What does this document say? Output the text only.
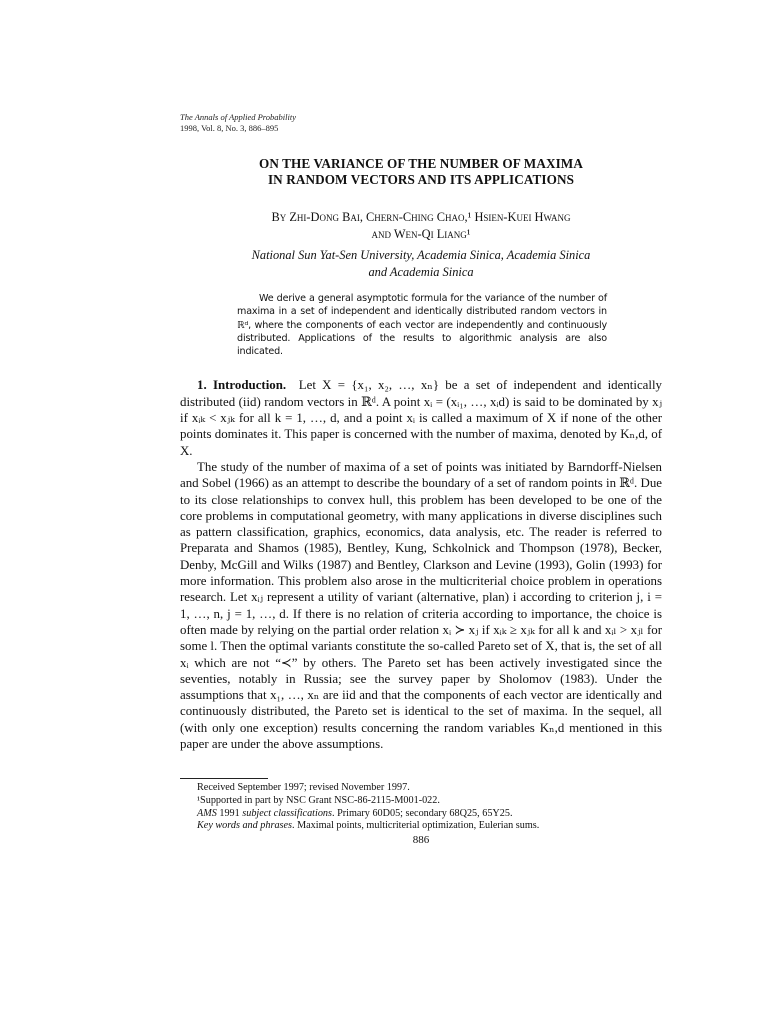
The Annals of Applied Probability
1998, Vol. 8, No. 3, 886–895
ON THE VARIANCE OF THE NUMBER OF MAXIMA
IN RANDOM VECTORS AND ITS APPLICATIONS
By Zhi-Dong Bai, Chern-Ching Chao,¹ Hsien-Kuei Hwang
and Wen-Qi Liang¹
National Sun Yat-Sen University, Academia Sinica, Academia Sinica
and Academia Sinica
We derive a general asymptotic formula for the variance of the number of maxima in a set of independent and identically distributed random vectors in ℝᵈ, where the components of each vector are independently and continuously distributed. Applications of the results to algorithmic analysis are also indicated.

1. Introduction. Let X = {x₁, x₂, …, xₙ} be a set of independent and identically distributed (iid) random vectors in ℝᵈ. A point xᵢ = (xᵢ₁, …, xᵢd) is said to be dominated by xⱼ if xᵢₖ < xⱼₖ for all k = 1, …, d, and a point xᵢ is called a maximum of X if none of the other points dominates it. This paper is concerned with the number of maxima, denoted by Kₙ,d, of X.

The study of the number of maxima of a set of points was initiated by Barndorff-Nielsen and Sobel (1966) as an attempt to describe the boundary of a set of random points in ℝᵈ. Due to its close relationships to convex hull, this problem has been developed to be one of the core problems in computational geometry, with many applications in diverse disciplines such as pattern classification, graphics, economics, data analysis, etc. The reader is referred to Preparata and Shamos (1985), Bentley, Kung, Schkolnick and Thompson (1978), Becker, Denby, McGill and Wilks (1987) and Bentley, Clarkson and Levine (1993), Golin (1993) for more information. This problem also arose in the multicriterial choice problem in operations research. Let xᵢⱼ represent a utility of variant (alternative, plan) i according to criterion j, i = 1, …, n, j = 1, …, d. If there is no relation of criteria according to importance, the choice is often made by relying on the partial order relation xᵢ ≻ xⱼ if xᵢₖ ≥ xⱼₖ for all k and xᵢₗ > xⱼₗ for some l. Then the optimal variants constitute the so-called Pareto set of X, that is, the set of all xᵢ which are not “≺” by others. The Pareto set has been actively investigated since the seventies, notably in Russia; see the survey paper by Sholomov (1983). Under the assumptions that x₁, …, xₙ are iid and that the components of each vector are identically and continuously distributed, the Pareto set is identical to the set of maxima. In the sequel, all (with only one exception) results concerning the random variables Kₙ,d mentioned in this paper are under the above assumptions.

Received September 1997; revised November 1997.
¹Supported in part by NSC Grant NSC-86-2115-M001-022.
AMS 1991 subject classifications. Primary 60D05; secondary 68Q25, 65Y25.
Key words and phrases. Maximal points, multicriterial optimization, Eulerian sums.
886
